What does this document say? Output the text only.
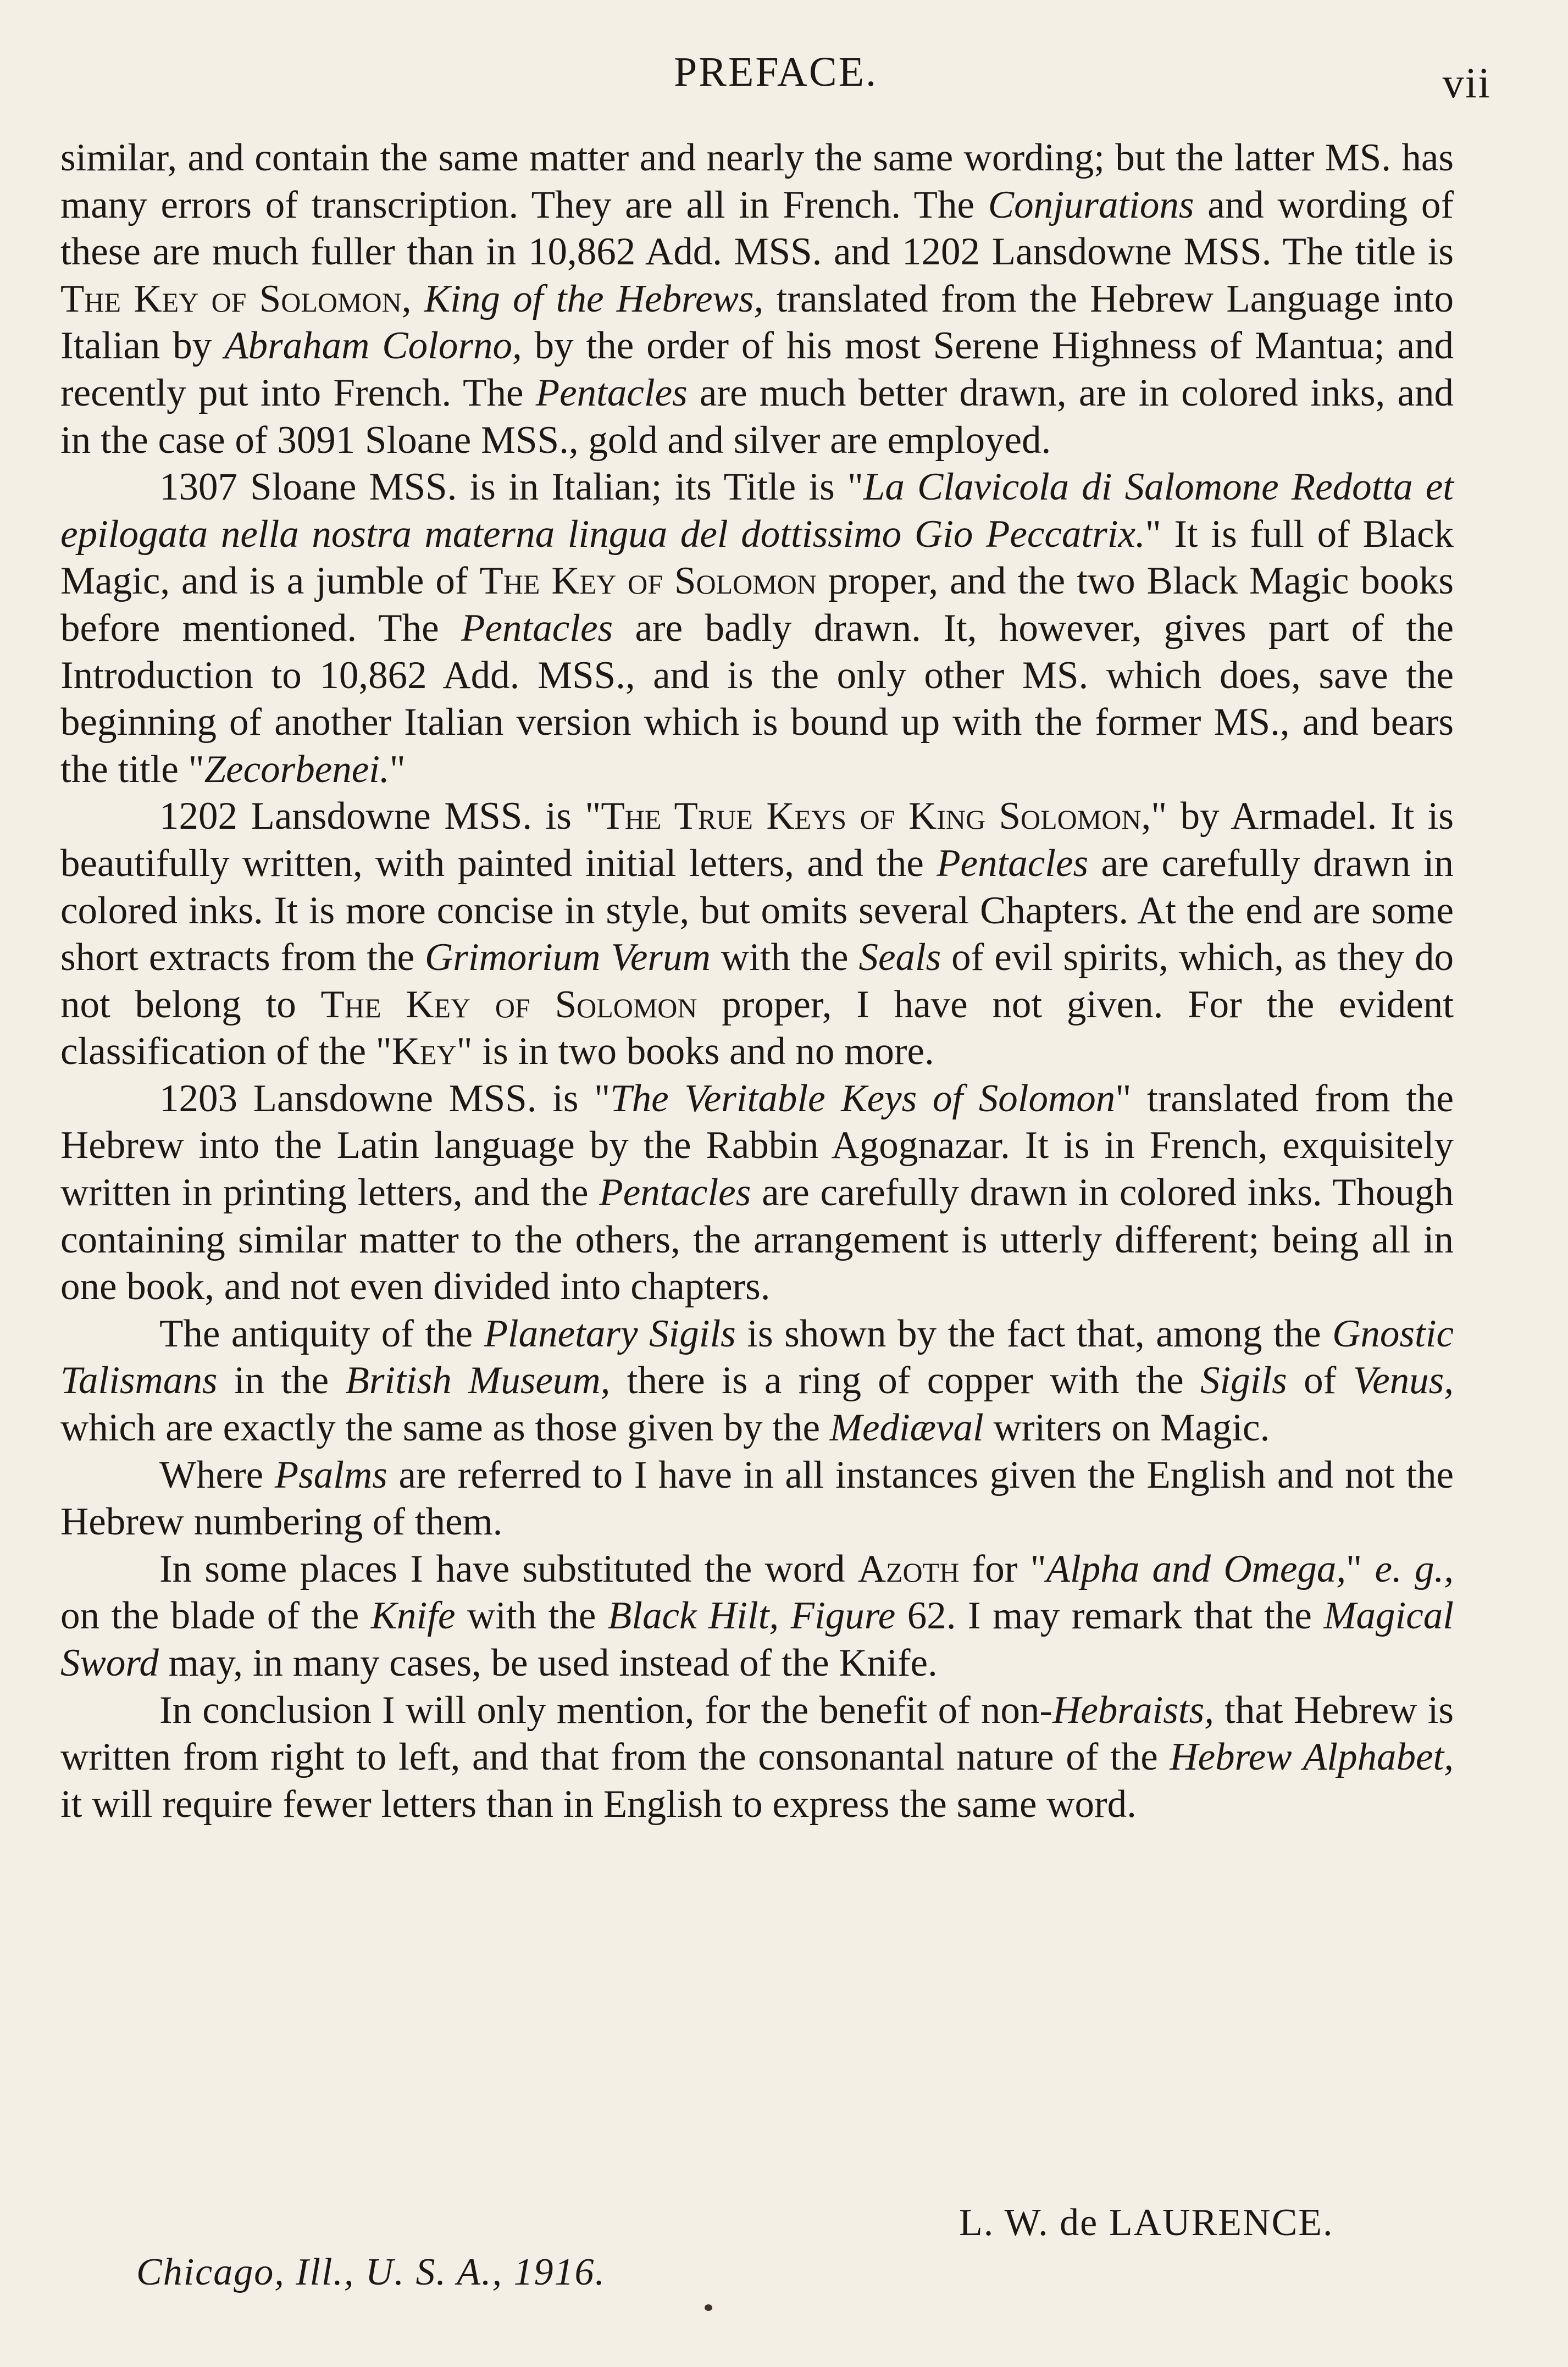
PREFACE.	vii

similar, and contain the same matter and nearly the same wording; but the latter MS. has many errors of transcription. They are all in French. The Conjurations and wording of these are much fuller than in 10,862 Add. MSS. and 1202 Lansdowne MSS. The title is The Key of Solomon, King of the Hebrews, translated from the Hebrew Language into Italian by Abraham Colorno, by the order of his most Serene Highness of Mantua; and recently put into French. The Pentacles are much better drawn, are in colored inks, and in the case of 3091 Sloane MSS., gold and silver are employed.

1307 Sloane MSS. is in Italian; its Title is "La Clavicola di Salomone Redotta et epilogata nella nostra materna lingua del dottissimo Gio Peccatrix." It is full of Black Magic, and is a jumble of The Key of Solomon proper, and the two Black Magic books before mentioned. The Pentacles are badly drawn. It, however, gives part of the Introduction to 10,862 Add. MSS., and is the only other MS. which does, save the beginning of another Italian version which is bound up with the former MS., and bears the title "Zecorbenei."

1202 Lansdowne MSS. is "The True Keys of King Solomon," by Armadel. It is beautifully written, with painted initial letters, and the Pentacles are carefully drawn in colored inks. It is more concise in style, but omits several Chapters. At the end are some short extracts from the Grimorium Verum with the Seals of evil spirits, which, as they do not belong to The Key of Solomon proper, I have not given. For the evident classification of the "Key" is in two books and no more.

1203 Lansdowne MSS. is "The Veritable Keys of Solomon" translated from the Hebrew into the Latin language by the Rabbin Agognazar. It is in French, exquisitely written in printing letters, and the Pentacles are carefully drawn in colored inks. Though containing similar matter to the others, the arrangement is utterly different; being all in one book, and not even divided into chapters.

The antiquity of the Planetary Sigils is shown by the fact that, among the Gnostic Talismans in the British Museum, there is a ring of copper with the Sigils of Venus, which are exactly the same as those given by the Mediæval writers on Magic.

Where Psalms are referred to I have in all instances given the English and not the Hebrew numbering of them.

In some places I have substituted the word Azoth for "Alpha and Omega," e. g., on the blade of the Knife with the Black Hilt, Figure 62. I may remark that the Magical Sword may, in many cases, be used instead of the Knife.

In conclusion I will only mention, for the benefit of non-Hebraists, that Hebrew is written from right to left, and that from the consonantal nature of the Hebrew Alphabet, it will require fewer letters than in English to express the same word.

L. W. de LAURENCE.
Chicago, Ill., U. S. A., 1916.
